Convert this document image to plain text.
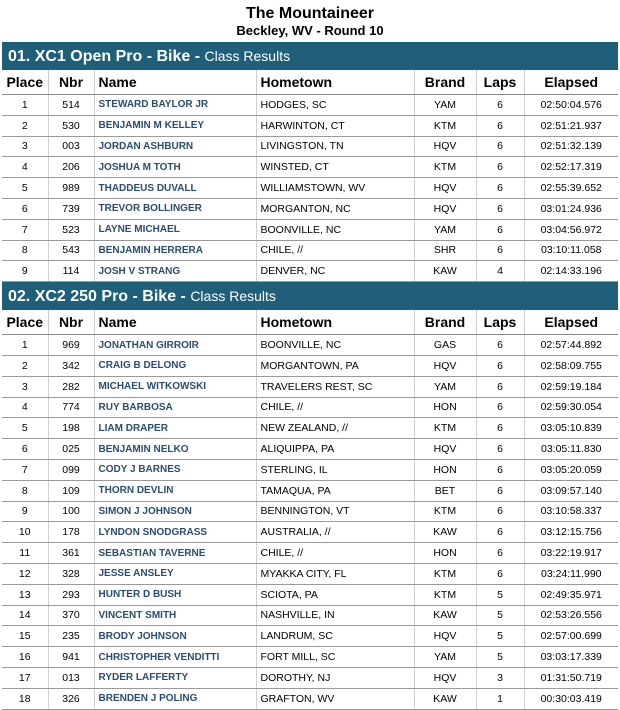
The Mountaineer
Beckley, WV - Round 10
01. XC1 Open Pro - Bike - Class Results
Place	Nbr	Name	Hometown	Brand	Laps	Elapsed
1	514	STEWARD BAYLOR JR	HODGES, SC	YAM	6	02:50:04.576
2	530	BENJAMIN M KELLEY	HARWINTON, CT	KTM	6	02:51:21.937
3	003	JORDAN ASHBURN	LIVINGSTON, TN	HQV	6	02:51:32.139
4	206	JOSHUA M TOTH	WINSTED, CT	KTM	6	02:52:17.319
5	989	THADDEUS DUVALL	WILLIAMSTOWN, WV	HQV	6	02:55:39.652
6	739	TREVOR BOLLINGER	MORGANTON, NC	HQV	6	03:01:24.936
7	523	LAYNE MICHAEL	BOONVILLE, NC	YAM	6	03:04:56.972
8	543	BENJAMIN HERRERA	CHILE, //	SHR	6	03:10:11.058
9	114	JOSH V STRANG	DENVER, NC	KAW	4	02:14:33.196
02. XC2 250 Pro - Bike - Class Results
Place	Nbr	Name	Hometown	Brand	Laps	Elapsed
1	969	JONATHAN GIRROIR	BOONVILLE, NC	GAS	6	02:57:44.892
2	342	CRAIG B DELONG	MORGANTOWN, PA	HQV	6	02:58:09.755
3	282	MICHAEL WITKOWSKI	TRAVELERS REST, SC	YAM	6	02:59:19.184
4	774	RUY BARBOSA	CHILE, //	HON	6	02:59:30.054
5	198	LIAM DRAPER	NEW ZEALAND, //	KTM	6	03:05:10.839
6	025	BENJAMIN NELKO	ALIQUIPPA, PA	HQV	6	03:05:11.830
7	099	CODY J BARNES	STERLING, IL	HON	6	03:05:20.059
8	109	THORN DEVLIN	TAMAQUA, PA	BET	6	03:09:57.140
9	100	SIMON J JOHNSON	BENNINGTON, VT	KTM	6	03:10:58.337
10	178	LYNDON SNODGRASS	AUSTRALIA, //	KAW	6	03:12:15.756
11	361	SEBASTIAN TAVERNE	CHILE, //	HON	6	03:22:19.917
12	328	JESSE ANSLEY	MYAKKA CITY, FL	KTM	6	03:24:11.990
13	293	HUNTER D BUSH	SCIOTA, PA	KTM	5	02:49:35.971
14	370	VINCENT SMITH	NASHVILLE, IN	KAW	5	02:53:26.556
15	235	BRODY JOHNSON	LANDRUM, SC	HQV	5	02:57:00.699
16	941	CHRISTOPHER VENDITTI	FORT MILL, SC	YAM	5	03:03:17.339
17	013	RYDER LAFFERTY	DOROTHY, NJ	HQV	3	01:31:50.719
18	326	BRENDEN J POLING	GRAFTON, WV	KAW	1	00:30:03.419
